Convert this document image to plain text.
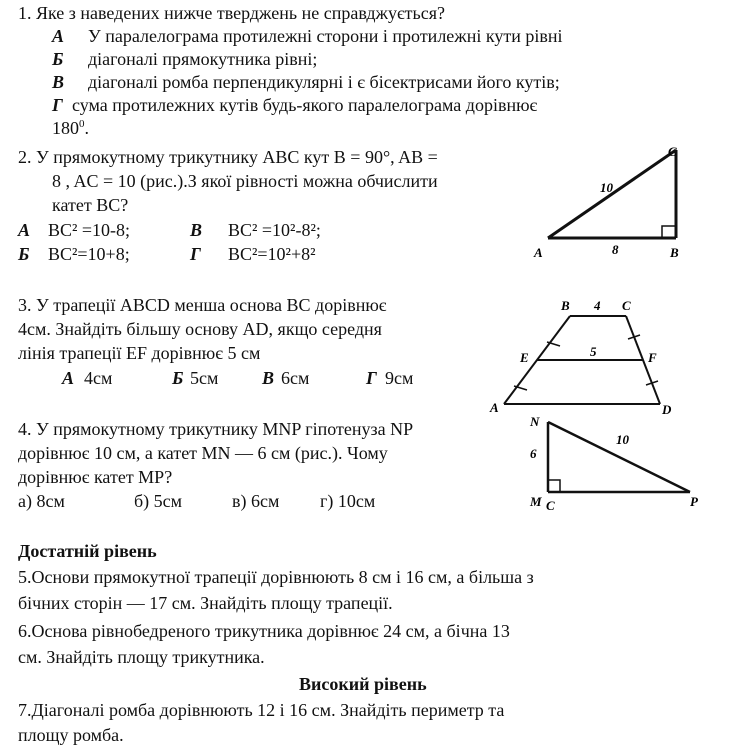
1. Яке з наведених нижче тверджень не справджується?
А У паралелограма протилежні сторони і протилежні кути рівні
Б діагоналі прямокутника рівні;
В діагоналі ромба перпендикулярні і є бісектрисами його кутів;
Г сума протилежних кутів будь-якого паралелограма дорівнює
$180^0$.
2. У прямокутному трикутнику ABC кут B = 90°, AB =
8 , AC = 10 (рис.).З якої рівності можна обчислити
катет BC?
А BC² =10-8;	В BC² =10²-8²;
Б BC²=10+8;	Г BC²=10²+8²	A	B
C
10
8
3. У трапеції ABCD менша основа BC дорівнює
4см. Знайдіть більшу основу AD, якщо середня
лінія трапеції EF дорівнює 5 см
А 4см	Б 5см В 6см	Г 9см
B	C
4
E	F
5
A	D
4. У прямокутному трикутнику MNP гіпотенуза NP
дорівнює 10 см, а катет MN — 6 см (рис.). Чому
дорівнює катет MP?
а) 8см	б) 5см	в) 6см г) 10см
N
6
M C
10
P
Достатній рівень
5.Основи прямокутної трапеції дорівнюють 8 см і 16 см, а більша з
бічних сторін — 17 см. Знайдіть площу трапеції.
6.Основа рівнобедреного трикутника дорівнює 24 см, а бічна 13
см. Знайдіть площу трикутника.
Високий рівень
7.Діагоналі ромба дорівнюють 12 і 16 см. Знайдіть периметр та
площу ромба.
